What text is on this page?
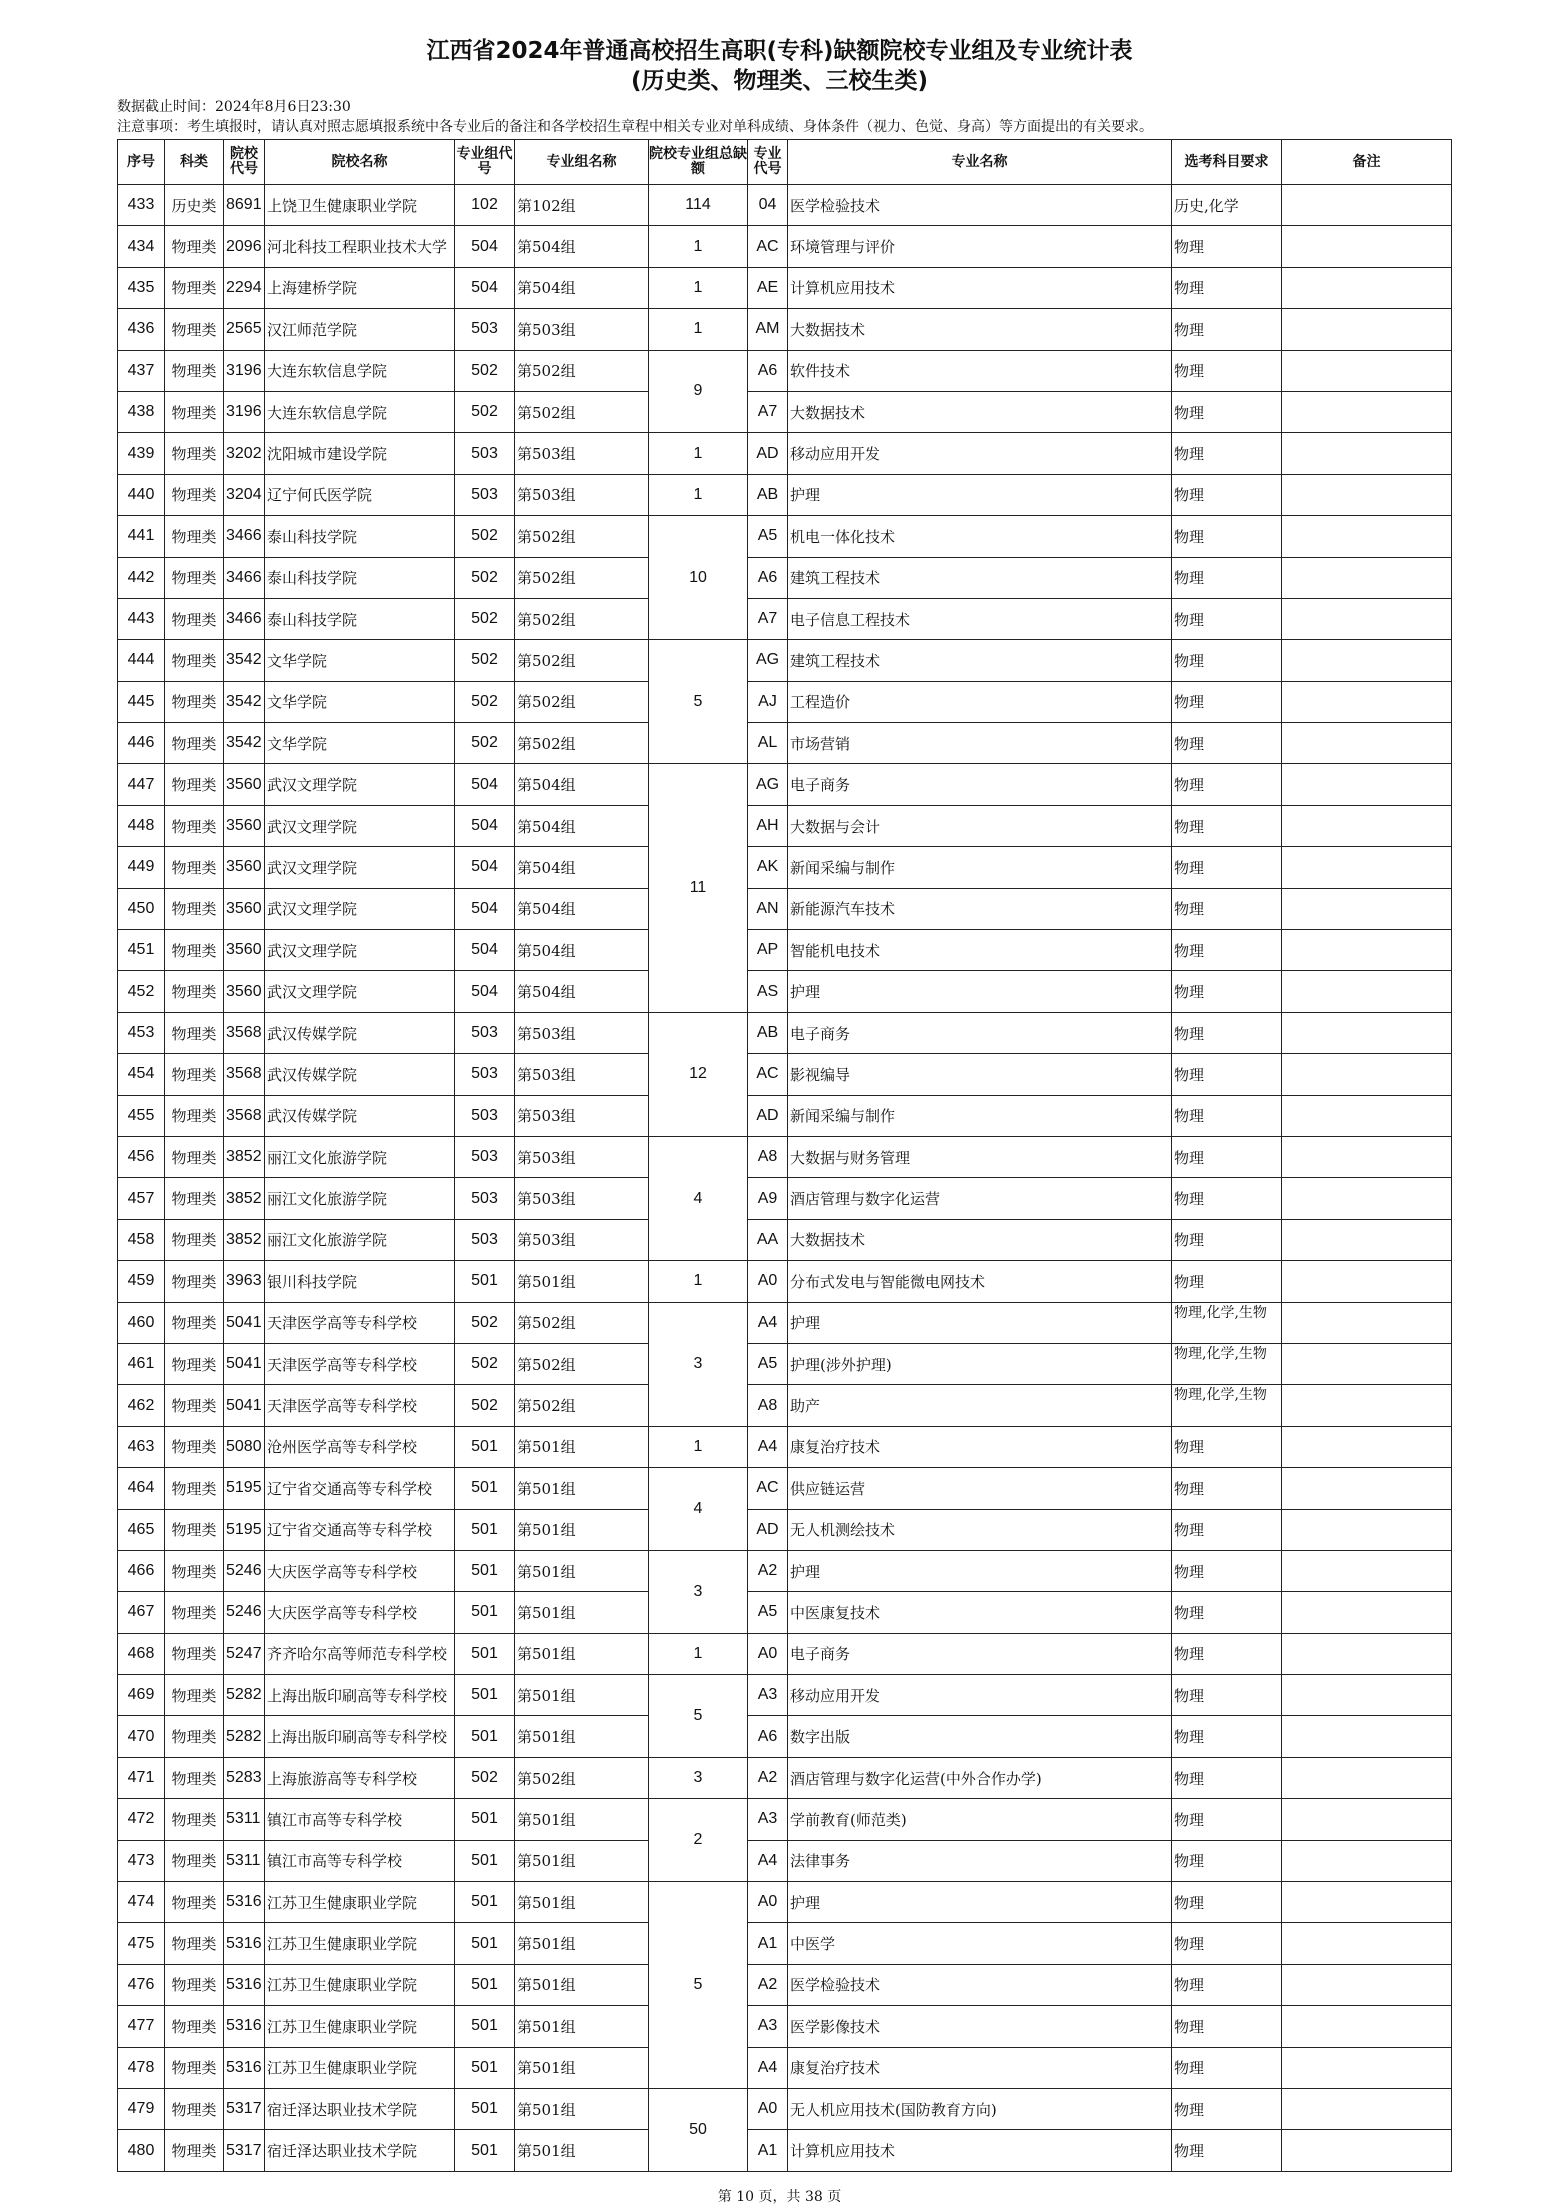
江西省2024年普通高校招生高职(专科)缺额院校专业组及专业统计表
(历史类、物理类、三校生类)
数据截止时间：2024年8月6日23:30
注意事项：考生填报时，请认真对照志愿填报系统中各专业后的备注和各学校招生章程中相关专业对单科成绩、身体条件（视力、色觉、身高）等方面提出的有关要求。
序号	科类	院校代号	院校名称	专业组代号	专业组名称	院校专业组总缺额	专业代号	专业名称	选考科目要求	备注
433	历史类	8691	上饶卫生健康职业学院	102	第102组	114	04	医学检验技术	历史,化学	
434	物理类	2096	河北科技工程职业技术大学	504	第504组	1	AC	环境管理与评价	物理	
435	物理类	2294	上海建桥学院	504	第504组	1	AE	计算机应用技术	物理	
436	物理类	2565	汉江师范学院	503	第503组	1	AM	大数据技术	物理	
437	物理类	3196	大连东软信息学院	502	第502组	9	A6	软件技术	物理	
438	物理类	3196	大连东软信息学院	502	第502组		A7	大数据技术	物理	
439	物理类	3202	沈阳城市建设学院	503	第503组	1	AD	移动应用开发	物理	
440	物理类	3204	辽宁何氏医学院	503	第503组	1	AB	护理	物理	
441	物理类	3466	泰山科技学院	502	第502组	10	A5	机电一体化技术	物理	
442	物理类	3466	泰山科技学院	502	第502组		A6	建筑工程技术	物理	
443	物理类	3466	泰山科技学院	502	第502组		A7	电子信息工程技术	物理	
444	物理类	3542	文华学院	502	第502组	5	AG	建筑工程技术	物理	
445	物理类	3542	文华学院	502	第502组		AJ	工程造价	物理	
446	物理类	3542	文华学院	502	第502组		AL	市场营销	物理	
447	物理类	3560	武汉文理学院	504	第504组	11	AG	电子商务	物理	
448	物理类	3560	武汉文理学院	504	第504组		AH	大数据与会计	物理	
449	物理类	3560	武汉文理学院	504	第504组		AK	新闻采编与制作	物理	
450	物理类	3560	武汉文理学院	504	第504组		AN	新能源汽车技术	物理	
451	物理类	3560	武汉文理学院	504	第504组		AP	智能机电技术	物理	
452	物理类	3560	武汉文理学院	504	第504组		AS	护理	物理	
453	物理类	3568	武汉传媒学院	503	第503组	12	AB	电子商务	物理	
454	物理类	3568	武汉传媒学院	503	第503组		AC	影视编导	物理	
455	物理类	3568	武汉传媒学院	503	第503组		AD	新闻采编与制作	物理	
456	物理类	3852	丽江文化旅游学院	503	第503组	4	A8	大数据与财务管理	物理	
457	物理类	3852	丽江文化旅游学院	503	第503组		A9	酒店管理与数字化运营	物理	
458	物理类	3852	丽江文化旅游学院	503	第503组		AA	大数据技术	物理	
459	物理类	3963	银川科技学院	501	第501组	1	A0	分布式发电与智能微电网技术	物理	
460	物理类	5041	天津医学高等专科学校	502	第502组	3	A4	护理	物理,化学,生物	
461	物理类	5041	天津医学高等专科学校	502	第502组		A5	护理(涉外护理)	物理,化学,生物	
462	物理类	5041	天津医学高等专科学校	502	第502组		A8	助产	物理,化学,生物	
463	物理类	5080	沧州医学高等专科学校	501	第501组	1	A4	康复治疗技术	物理	
464	物理类	5195	辽宁省交通高等专科学校	501	第501组	4	AC	供应链运营	物理	
465	物理类	5195	辽宁省交通高等专科学校	501	第501组		AD	无人机测绘技术	物理	
466	物理类	5246	大庆医学高等专科学校	501	第501组	3	A2	护理	物理	
467	物理类	5246	大庆医学高等专科学校	501	第501组		A5	中医康复技术	物理	
468	物理类	5247	齐齐哈尔高等师范专科学校	501	第501组	1	A0	电子商务	物理	
469	物理类	5282	上海出版印刷高等专科学校	501	第501组	5	A3	移动应用开发	物理	
470	物理类	5282	上海出版印刷高等专科学校	501	第501组		A6	数字出版	物理	
471	物理类	5283	上海旅游高等专科学校	502	第502组	3	A2	酒店管理与数字化运营(中外合作办学)	物理	
472	物理类	5311	镇江市高等专科学校	501	第501组	2	A3	学前教育(师范类)	物理	
473	物理类	5311	镇江市高等专科学校	501	第501组		A4	法律事务	物理	
474	物理类	5316	江苏卫生健康职业学院	501	第501组	5	A0	护理	物理	
475	物理类	5316	江苏卫生健康职业学院	501	第501组		A1	中医学	物理	
476	物理类	5316	江苏卫生健康职业学院	501	第501组		A2	医学检验技术	物理	
477	物理类	5316	江苏卫生健康职业学院	501	第501组		A3	医学影像技术	物理	
478	物理类	5316	江苏卫生健康职业学院	501	第501组		A4	康复治疗技术	物理	
479	物理类	5317	宿迁泽达职业技术学院	501	第501组	50	A0	无人机应用技术(国防教育方向)	物理	
480	物理类	5317	宿迁泽达职业技术学院	501	第501组		A1	计算机应用技术	物理	
第 10 页，共 38 页
